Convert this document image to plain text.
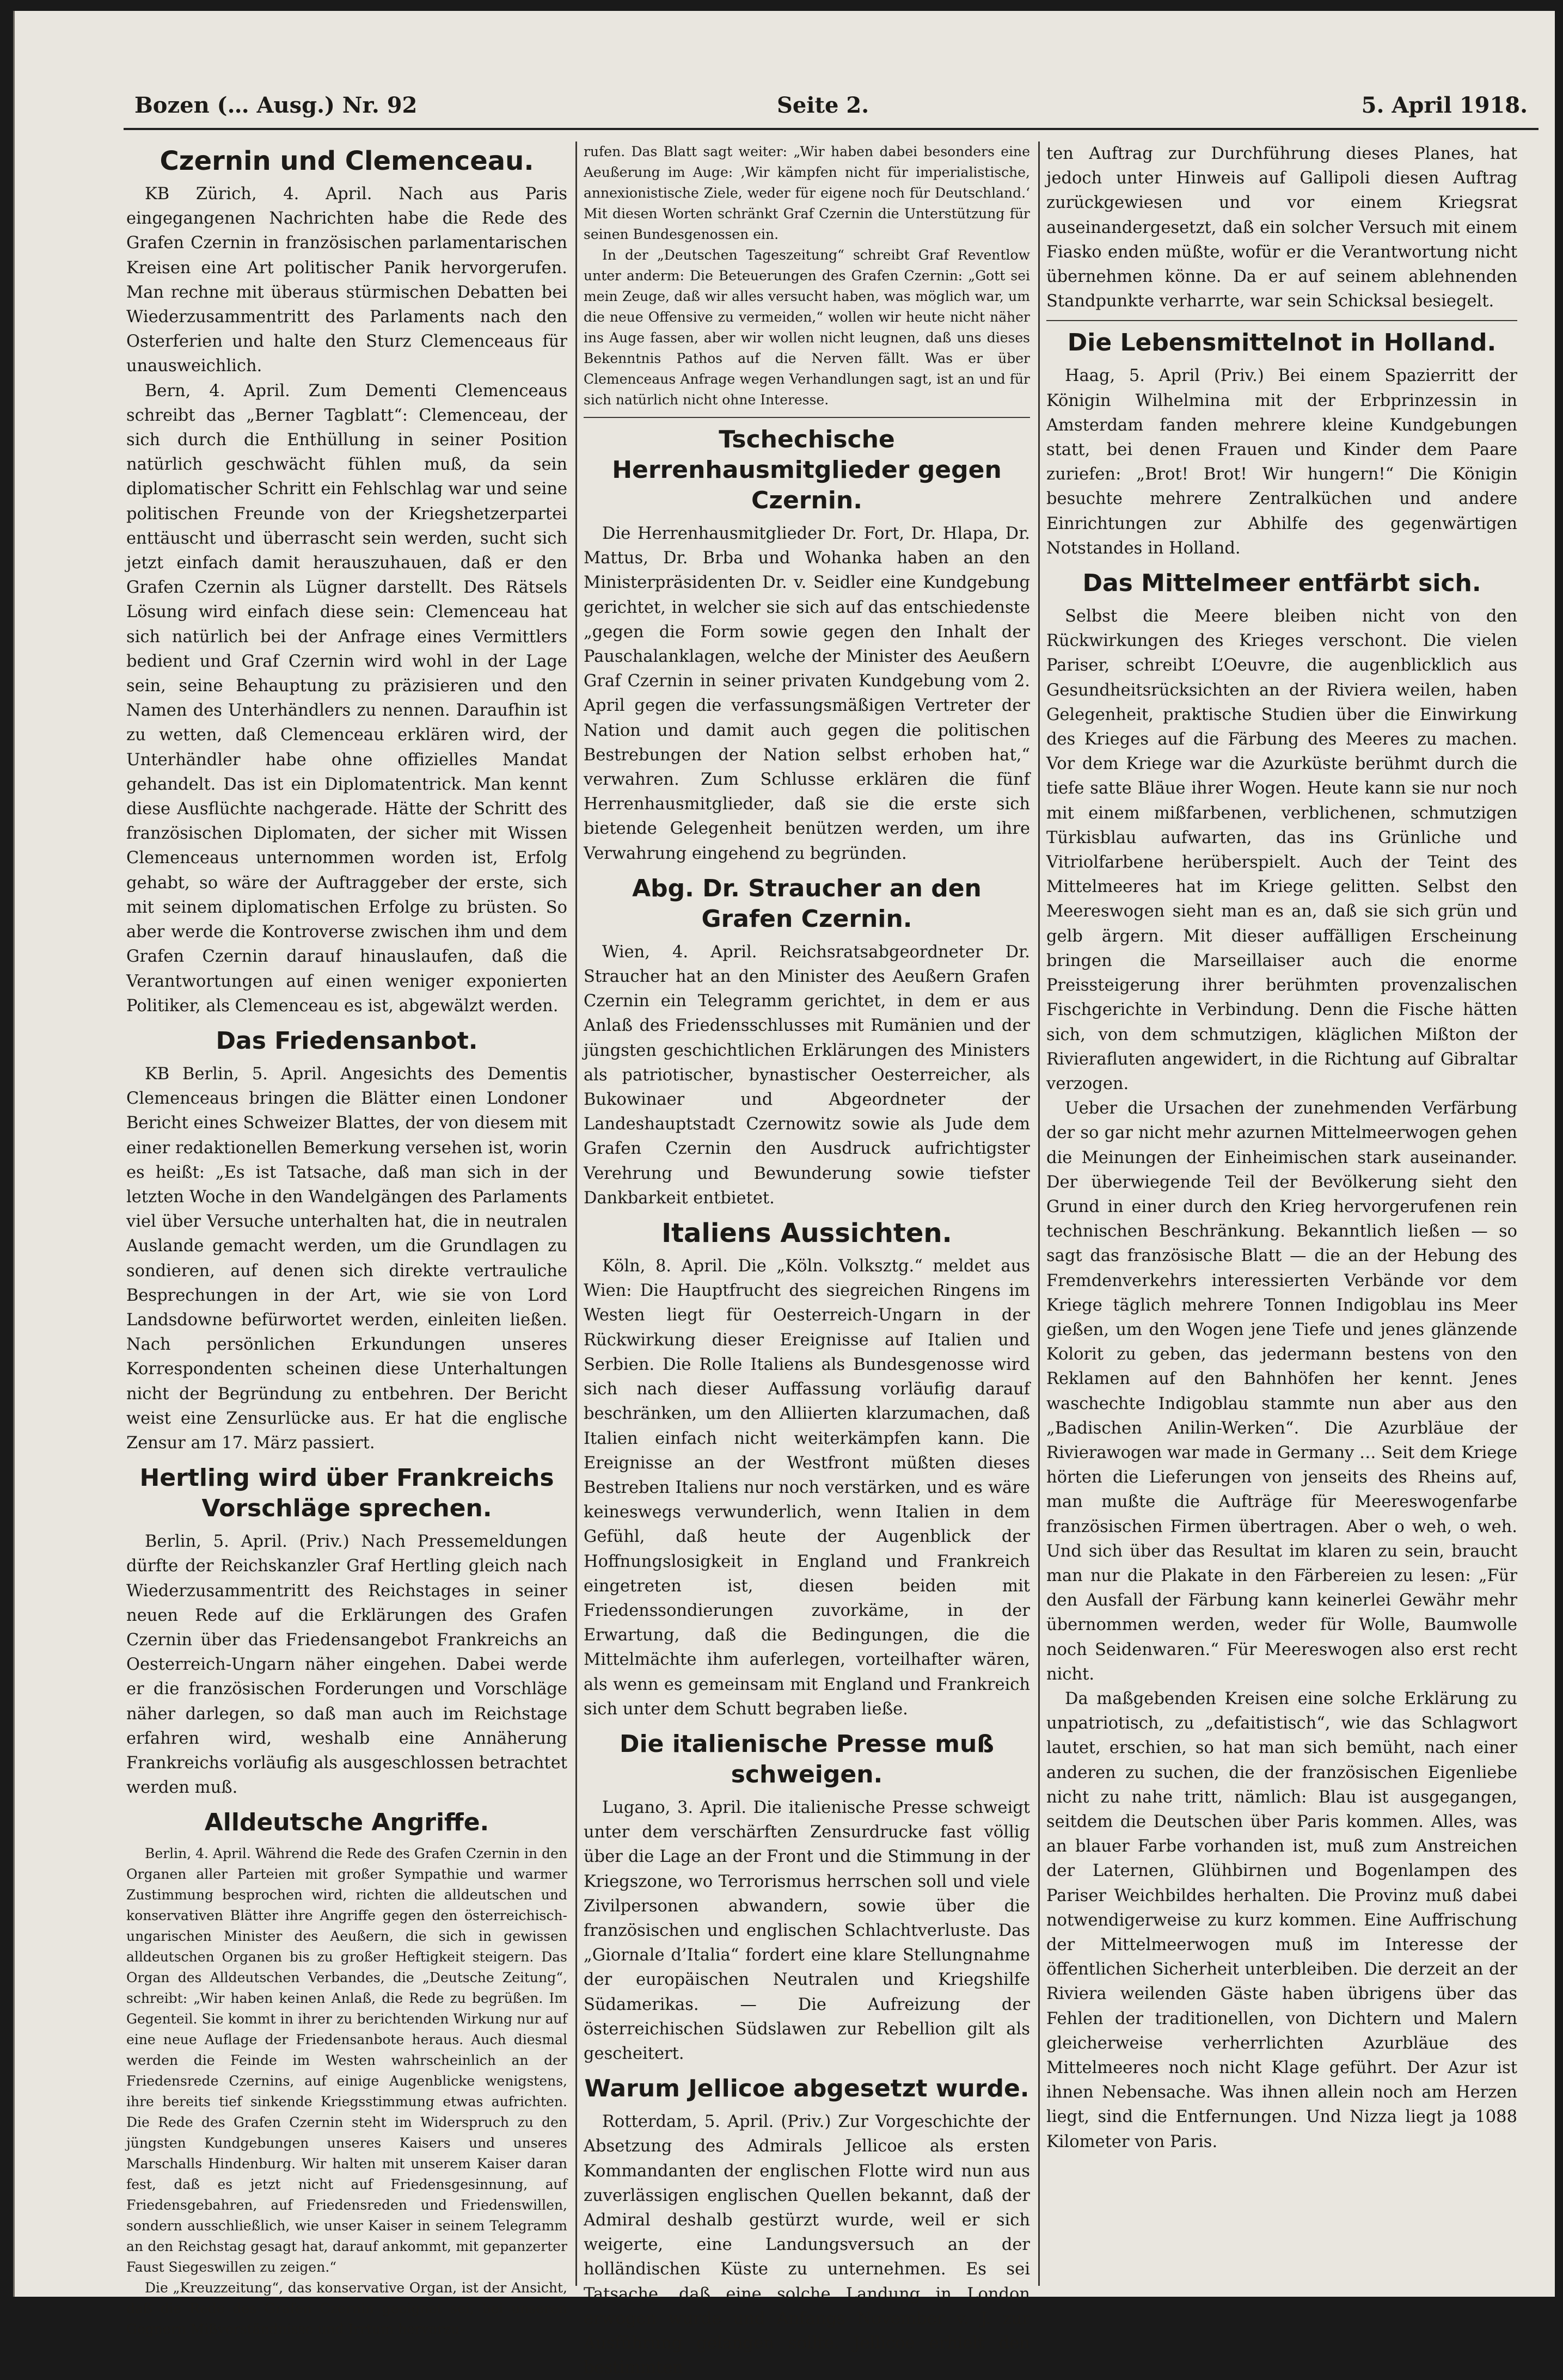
Bozen (… Ausg.) Nr. 92	Seite 2.	5. April 1918.
Czernin und Clemenceau.
KB Zürich, 4. April. Nach aus Paris eingegangenen Nachrichten habe die Rede des Grafen Czernin in französischen parlamentarischen Kreisen eine Art politischer Panik hervorgerufen. Man rechne mit überaus stürmischen Debatten bei Wiederzusammentritt des Parlaments nach den Osterferien und halte den Sturz Clemenceaus für unausweichlich.
Bern, 4. April. Zum Dementi Clemenceaus schreibt das „Berner Tagblatt“: Clemenceau, der sich durch die Enthüllung in seiner Position natürlich geschwächt fühlen muß, da sein diplomatischer Schritt ein Fehlschlag war und seine politischen Freunde von der Kriegshetzerpartei enttäuscht und überrascht sein werden, sucht sich jetzt einfach damit herauszuhauen, daß er den Grafen Czernin als Lügner darstellt. Des Rätsels Lösung wird einfach diese sein: Clemenceau hat sich natürlich bei der Anfrage eines Vermittlers bedient und Graf Czernin wird wohl in der Lage sein, seine Behauptung zu präzisieren und den Namen des Unterhändlers zu nennen. Daraufhin ist zu wetten, daß Clemenceau erklären wird, der Unterhändler habe ohne offizielles Mandat gehandelt. Das ist ein Diplomatentrick. Man kennt diese Ausflüchte nachgerade. Hätte der Schritt des französischen Diplomaten, der sicher mit Wissen Clemenceaus unternommen worden ist, Erfolg gehabt, so wäre der Auftraggeber der erste, sich mit seinem diplomatischen Erfolge zu brüsten. So aber werde die Kontroverse zwischen ihm und dem Grafen Czernin darauf hinauslaufen, daß die Verantwortungen auf einen weniger exponierten Politiker, als Clemenceau es ist, abgewälzt werden.
Das Friedensanbot.
KB Berlin, 5. April. Angesichts des Dementis Clemenceaus bringen die Blätter einen Londoner Bericht eines Schweizer Blattes, der von diesem mit einer redaktionellen Bemerkung versehen ist, worin es heißt: „Es ist Tatsache, daß man sich in der letzten Woche in den Wandelgängen des Parlaments viel über Versuche unterhalten hat, die in neutralen Auslande gemacht werden, um die Grundlagen zu sondieren, auf denen sich direkte vertrauliche Besprechungen in der Art, wie sie von Lord Landsdowne befürwortet werden, einleiten ließen. Nach persönlichen Erkundungen unseres Korrespondenten scheinen diese Unterhaltungen nicht der Begründung zu entbehren. Der Bericht weist eine Zensurlücke aus. Er hat die englische Zensur am 17. März passiert.
Hertling wird über Frankreichs Vorschläge sprechen.
Berlin, 5. April. (Priv.) Nach Pressemeldungen dürfte der Reichskanzler Graf Hertling gleich nach Wiederzusammentritt des Reichstages in seiner neuen Rede auf die Erklärungen des Grafen Czernin über das Friedensangebot Frankreichs an Oesterreich-Ungarn näher eingehen. Dabei werde er die französischen Forderungen und Vorschläge näher darlegen, so daß man auch im Reichstage erfahren wird, weshalb eine Annäherung Frankreichs vorläufig als ausgeschlossen betrachtet werden muß.
Alldeutsche Angriffe.
Berlin, 4. April. Während die Rede des Grafen Czernin in den Organen aller Parteien mit großer Sympathie und warmer Zustimmung besprochen wird, richten die alldeutschen und konservativen Blätter ihre Angriffe gegen den österreichisch-ungarischen Minister des Aeußern, die sich in gewissen alldeutschen Organen bis zu großer Heftigkeit steigern. Das Organ des Alldeutschen Verbandes, die „Deutsche Zeitung“, schreibt: „Wir haben keinen Anlaß, die Rede zu begrüßen. Im Gegenteil. Sie kommt in ihrer zu berichtenden Wirkung nur auf eine neue Auflage der Friedensanbote heraus. Auch diesmal werden die Feinde im Westen wahrscheinlich an der Friedensrede Czernins, auf einige Augenblicke wenigstens, ihre bereits tief sinkende Kriegsstimmung etwas aufrichten. Die Rede des Grafen Czernin steht im Widerspruch zu den jüngsten Kundgebungen unseres Kaisers und unseres Marschalls Hindenburg. Wir halten mit unserem Kaiser daran fest, daß es jetzt nicht auf Friedensgesinnung, auf Friedensgebahren, auf Friedensreden und Friedenswillen, sondern ausschließlich, wie unser Kaiser in seinem Telegramm an den Reichstag gesagt hat, darauf ankommt, mit gepanzerter Faust Siegeswillen zu zeigen.“
Die „Kreuzzeitung“, das konservative Organ, ist der Ansicht, daß die Rede des Grafen Czernin geeignet sei, bei unseren Gegnern Mißverständnisse und Irrtum hervorzu-
rufen. Das Blatt sagt weiter: „Wir haben dabei besonders eine Aeußerung im Auge: ‚Wir kämpfen nicht für imperialistische, annexionistische Ziele, weder für eigene noch für Deutschland.‘ Mit diesen Worten schränkt Graf Czernin die Unterstützung für seinen Bundesgenossen ein.
In der „Deutschen Tageszeitung“ schreibt Graf Reventlow unter anderm: Die Beteuerungen des Grafen Czernin: „Gott sei mein Zeuge, daß wir alles versucht haben, was möglich war, um die neue Offensive zu vermeiden,“ wollen wir heute nicht näher ins Auge fassen, aber wir wollen nicht leugnen, daß uns dieses Bekenntnis Pathos auf die Nerven fällt. Was er über Clemenceaus Anfrage wegen Verhandlungen sagt, ist an und für sich natürlich nicht ohne Interesse.
Tschechische Herrenhausmitglieder gegen Czernin.
Die Herrenhausmitglieder Dr. Fort, Dr. Hlapa, Dr. Mattus, Dr. Brba und Wohanka haben an den Ministerpräsidenten Dr. v. Seidler eine Kundgebung gerichtet, in welcher sie sich auf das entschiedenste „gegen die Form sowie gegen den Inhalt der Pauschalanklagen, welche der Minister des Aeußern Graf Czernin in seiner privaten Kundgebung vom 2. April gegen die verfassungsmäßigen Vertreter der Nation und damit auch gegen die politischen Bestrebungen der Nation selbst erhoben hat,“ verwahren. Zum Schlusse erklären die fünf Herrenhausmitglieder, daß sie die erste sich bietende Gelegenheit benützen werden, um ihre Verwahrung eingehend zu begründen.
Abg. Dr. Straucher an den Grafen Czernin.
Wien, 4. April. Reichsratsabgeordneter Dr. Straucher hat an den Minister des Aeußern Grafen Czernin ein Telegramm gerichtet, in dem er aus Anlaß des Friedensschlusses mit Rumänien und der jüngsten geschichtlichen Erklärungen des Ministers als patriotischer, bynastischer Oesterreicher, als Bukowinaer und Abgeordneter der Landeshauptstadt Czernowitz sowie als Jude dem Grafen Czernin den Ausdruck aufrichtigster Verehrung und Bewunderung sowie tiefster Dankbarkeit entbietet.
Italiens Aussichten.
Köln, 8. April. Die „Köln. Volksztg.“ meldet aus Wien: Die Hauptfrucht des siegreichen Ringens im Westen liegt für Oesterreich-Ungarn in der Rückwirkung dieser Ereignisse auf Italien und Serbien. Die Rolle Italiens als Bundesgenosse wird sich nach dieser Auffassung vorläufig darauf beschränken, um den Alliierten klarzumachen, daß Italien einfach nicht weiterkämpfen kann. Die Ereignisse an der Westfront müßten dieses Bestreben Italiens nur noch verstärken, und es wäre keineswegs verwunderlich, wenn Italien in dem Gefühl, daß heute der Augenblick der Hoffnungslosigkeit in England und Frankreich eingetreten ist, diesen beiden mit Friedenssondierungen zuvorkäme, in der Erwartung, daß die Bedingungen, die die Mittelmächte ihm auferlegen, vorteilhafter wären, als wenn es gemeinsam mit England und Frankreich sich unter dem Schutt begraben ließe.
Die italienische Presse muß schweigen.
Lugano, 3. April. Die italienische Presse schweigt unter dem verschärften Zensurdrucke fast völlig über die Lage an der Front und die Stimmung in der Kriegszone, wo Terrorismus herrschen soll und viele Zivilpersonen abwandern, sowie über die französischen und englischen Schlachtverluste. Das „Giornale d’Italia“ fordert eine klare Stellungnahme der europäischen Neutralen und Kriegshilfe Südamerikas. — Die Aufreizung der österreichischen Südslawen zur Rebellion gilt als gescheitert.
Warum Jellicoe abgesetzt wurde.
Rotterdam, 5. April. (Priv.) Zur Vorgeschichte der Absetzung des Admirals Jellicoe als ersten Kommandanten der englischen Flotte wird nun aus zuverlässigen englischen Quellen bekannt, daß der Admiral deshalb gestürzt wurde, weil er sich weigerte, eine Landungsversuch an der holländischen Küste zu unternehmen. Es sei Tatsache, daß eine solche Landung in London erwogen wurde und Anfangs November v. J. zur Ausführung gelangen sollte. Jellicoe erhielt den bestimmten
ten Auftrag zur Durchführung dieses Planes, hat jedoch unter Hinweis auf Gallipoli diesen Auftrag zurückgewiesen und vor einem Kriegsrat auseinandergesetzt, daß ein solcher Versuch mit einem Fiasko enden müßte, wofür er die Verantwortung nicht übernehmen könne. Da er auf seinem ablehnenden Standpunkte verharrte, war sein Schicksal besiegelt.
Die Lebensmittelnot in Holland.
Haag, 5. April (Priv.) Bei einem Spazierritt der Königin Wilhelmina mit der Erbprinzessin in Amsterdam fanden mehrere kleine Kundgebungen statt, bei denen Frauen und Kinder dem Paare zuriefen: „Brot! Brot! Wir hungern!“ Die Königin besuchte mehrere Zentralküchen und andere Einrichtungen zur Abhilfe des gegenwärtigen Notstandes in Holland.
Das Mittelmeer entfärbt sich.
Selbst die Meere bleiben nicht von den Rückwirkungen des Krieges verschont. Die vielen Pariser, schreibt L’Oeuvre, die augenblicklich aus Gesundheitsrücksichten an der Riviera weilen, haben Gelegenheit, praktische Studien über die Einwirkung des Krieges auf die Färbung des Meeres zu machen. Vor dem Kriege war die Azurküste berühmt durch die tiefe satte Bläue ihrer Wogen. Heute kann sie nur noch mit einem mißfarbenen, verblichenen, schmutzigen Türkisblau aufwarten, das ins Grünliche und Vitriolfarbene herüberspielt. Auch der Teint des Mittelmeeres hat im Kriege gelitten. Selbst den Meereswogen sieht man es an, daß sie sich grün und gelb ärgern. Mit dieser auffälligen Erscheinung bringen die Marseillaiser auch die enorme Preissteigerung ihrer berühmten provenzalischen Fischgerichte in Verbindung. Denn die Fische hätten sich, von dem schmutzigen, kläglichen Mißton der Rivierafluten angewidert, in die Richtung auf Gibraltar verzogen.
Ueber die Ursachen der zunehmenden Verfärbung der so gar nicht mehr azurnen Mittelmeerwogen gehen die Meinungen der Einheimischen stark auseinander. Der überwiegende Teil der Bevölkerung sieht den Grund in einer durch den Krieg hervorgerufenen rein technischen Beschränkung. Bekanntlich ließen — so sagt das französische Blatt — die an der Hebung des Fremdenverkehrs interessierten Verbände vor dem Kriege täglich mehrere Tonnen Indigoblau ins Meer gießen, um den Wogen jene Tiefe und jenes glänzende Kolorit zu geben, das jedermann bestens von den Reklamen auf den Bahnhöfen her kennt. Jenes waschechte Indigoblau stammte nun aber aus den „Badischen Anilin-Werken“. Die Azurbläue der Rivierawogen war made in Germany … Seit dem Kriege hörten die Lieferungen von jenseits des Rheins auf, man mußte die Aufträge für Meereswogenfarbe französischen Firmen übertragen. Aber o weh, o weh. Und sich über das Resultat im klaren zu sein, braucht man nur die Plakate in den Färbereien zu lesen: „Für den Ausfall der Färbung kann keinerlei Gewähr mehr übernommen werden, weder für Wolle, Baumwolle noch Seidenwaren.“ Für Meereswogen also erst recht nicht.
Da maßgebenden Kreisen eine solche Erklärung zu unpatriotisch, zu „defaitistisch“, wie das Schlagwort lautet, erschien, so hat man sich bemüht, nach einer anderen zu suchen, die der französischen Eigenliebe nicht zu nahe tritt, nämlich: Blau ist ausgegangen, seitdem die Deutschen über Paris kommen. Alles, was an blauer Farbe vorhanden ist, muß zum Anstreichen der Laternen, Glühbirnen und Bogenlampen des Pariser Weichbildes herhalten. Die Provinz muß dabei notwendigerweise zu kurz kommen. Eine Auffrischung der Mittelmeerwogen muß im Interesse der öffentlichen Sicherheit unterbleiben. Die derzeit an der Riviera weilenden Gäste haben übrigens über das Fehlen der traditionellen, von Dichtern und Malern gleicherweise verherrlichten Azurbläue des Mittelmeeres noch nicht Klage geführt. Der Azur ist ihnen Nebensache. Was ihnen allein noch am Herzen liegt, sind die Entfernungen. Und Nizza liegt ja 1088 Kilometer von Paris.
